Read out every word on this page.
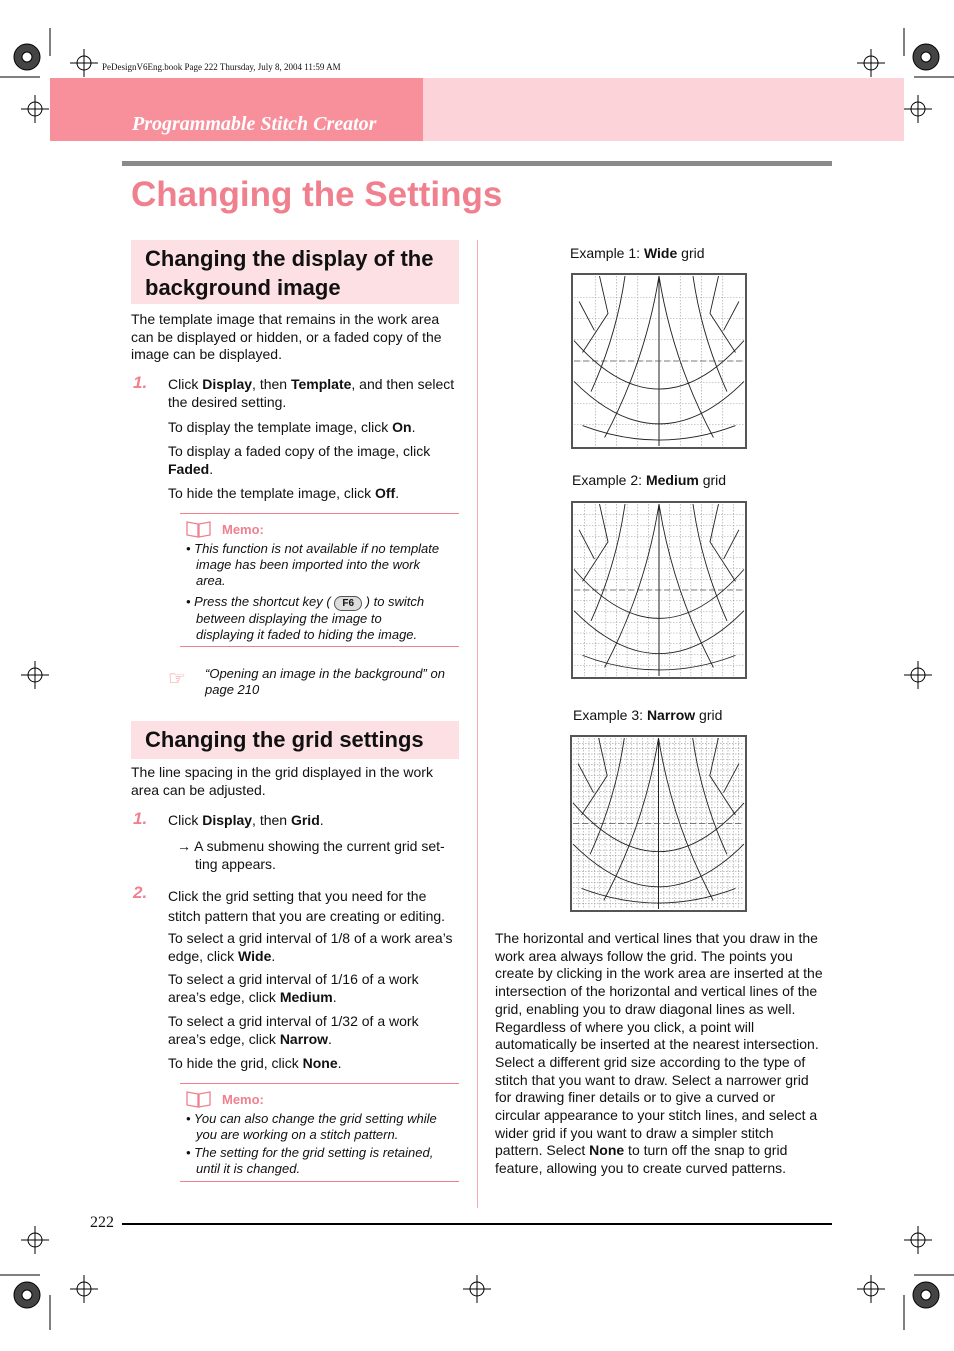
PeDesignV6Eng.book Page 222 Thursday, July 8, 2004 11:59 AM
Programmable Stitch Creator
Changing the Settings
Changing the display of the
background image
The template image that remains in the work area
can be displayed or hidden, or a faded copy of the
image can be displayed.
1. Click Display, then Template, and then select
the desired setting.
To display the template image, click On.
To display a faded copy of the image, click
Faded.
To hide the template image, click Off.
Memo:
• This function is not available if no template
image has been imported into the work
area.
• Press the shortcut key ( F6 ) to switch
between displaying the image to
displaying it faded to hiding the image.
☞ “Opening an image in the background” on
page 210
Changing the grid settings
The line spacing in the grid displayed in the work
area can be adjusted.
1. Click Display, then Grid.
→ A submenu showing the current grid set-
ting appears.
2. Click the grid setting that you need for the
stitch pattern that you are creating or editing.
To select a grid interval of 1/8 of a work area’s
edge, click Wide.
To select a grid interval of 1/16 of a work
area’s edge, click Medium.
To select a grid interval of 1/32 of a work
area’s edge, click Narrow.
To hide the grid, click None.
Memo:
• You can also change the grid setting while
you are working on a stitch pattern.
• The setting for the grid setting is retained,
until it is changed.
Example 1: Wide grid
Example 2: Medium grid
Example 3: Narrow grid
The horizontal and vertical lines that you draw in the
work area always follow the grid. The points you
create by clicking in the work area are inserted at the
intersection of the horizontal and vertical lines of the
grid, enabling you to draw diagonal lines as well.
Regardless of where you click, a point will
automatically be inserted at the nearest intersection.
Select a different grid size according to the type of
stitch that you want to draw. Select a narrower grid
for drawing finer details or to give a curved or
circular appearance to your stitch lines, and select a
wider grid if you want to draw a simpler stitch
pattern. Select None to turn off the snap to grid
feature, allowing you to create curved patterns.
222
